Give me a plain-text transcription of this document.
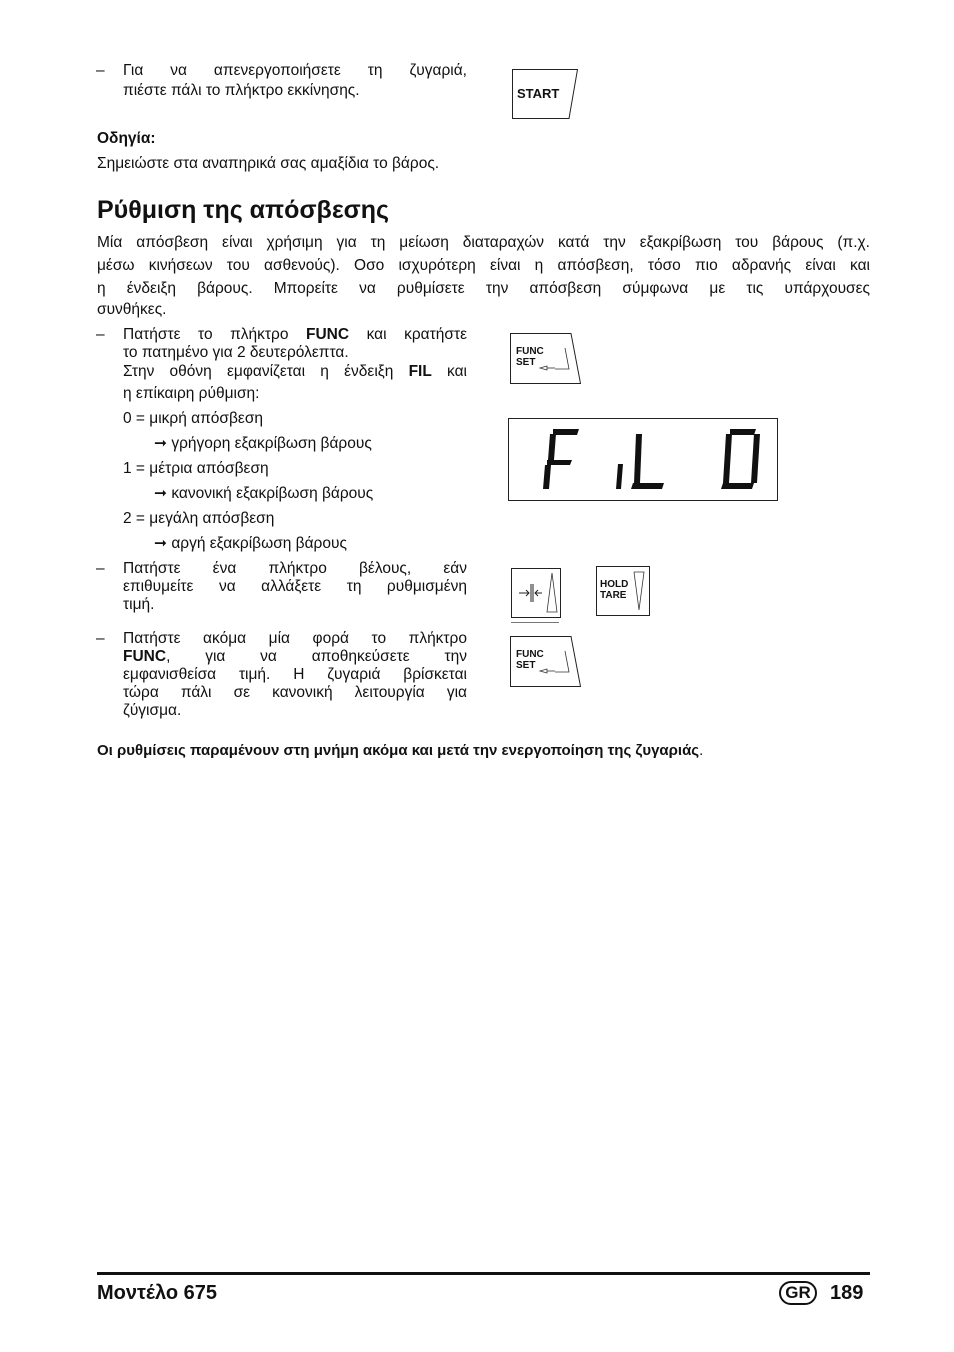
– Για να απενεργοποιήσετε τη ζυγαριά,
πιέστε πάλι το πλήκτρο εκκίνησης.	START
Οδηγία:
Σημειώστε στα αναπηρικά σας αμαξίδια το βάρος.
Ρύθμιση της απόσβεσης
Μία απόσβεση είναι χρήσιμη για τη μείωση διαταραχών κατά την εξακρίβωση του βάρους (π.χ.
μέσω κινήσεων του ασθενούς). Οσο ισχυρότερη είναι η απόσβεση, τόσο πιο αδρανής είναι και
η ένδειξη βάρους. Μπορείτε να ρυθμίσετε την απόσβεση σύμφωνα με τις υπάρχουσες
συνθήκες.
– Πατήστε το πλήκτρο FUNC και κρατήστε
το πατημένο για 2 δευτερόλεπτα.
Στην οθόνη εμφανίζεται η ένδειξη FIL και
η επίκαιρη ρύθμιση:
0 = μικρή απόσβεση
➞ γρήγορη εξακρίβωση βάρους
1 = μέτρια απόσβεση
➞ κανονική εξακρίβωση βάρους
2 = μεγάλη απόσβεση
➞ αργή εξακρίβωση βάρους
FUNC
SET
– Πατήστε ένα πλήκτρο βέλους, εάν
επιθυμείτε να αλλάξετε τη ρυθμισμένη
τιμή.
HOLD
TARE
– Πατήστε ακόμα μία φορά το πλήκτρο
FUNC, για να αποθηκεύσετε την
εμφανισθείσα τιμή. Η ζυγαριά βρίσκεται
τώρα πάλι σε κανονική λειτουργία για
ζύγισμα.
FUNC
SET
Οι ρυθμίσεις παραμένουν στη μνήμη ακόμα και μετά την ενεργοποίηση της ζυγαριάς.
Μοντέλο 675	GR 189
